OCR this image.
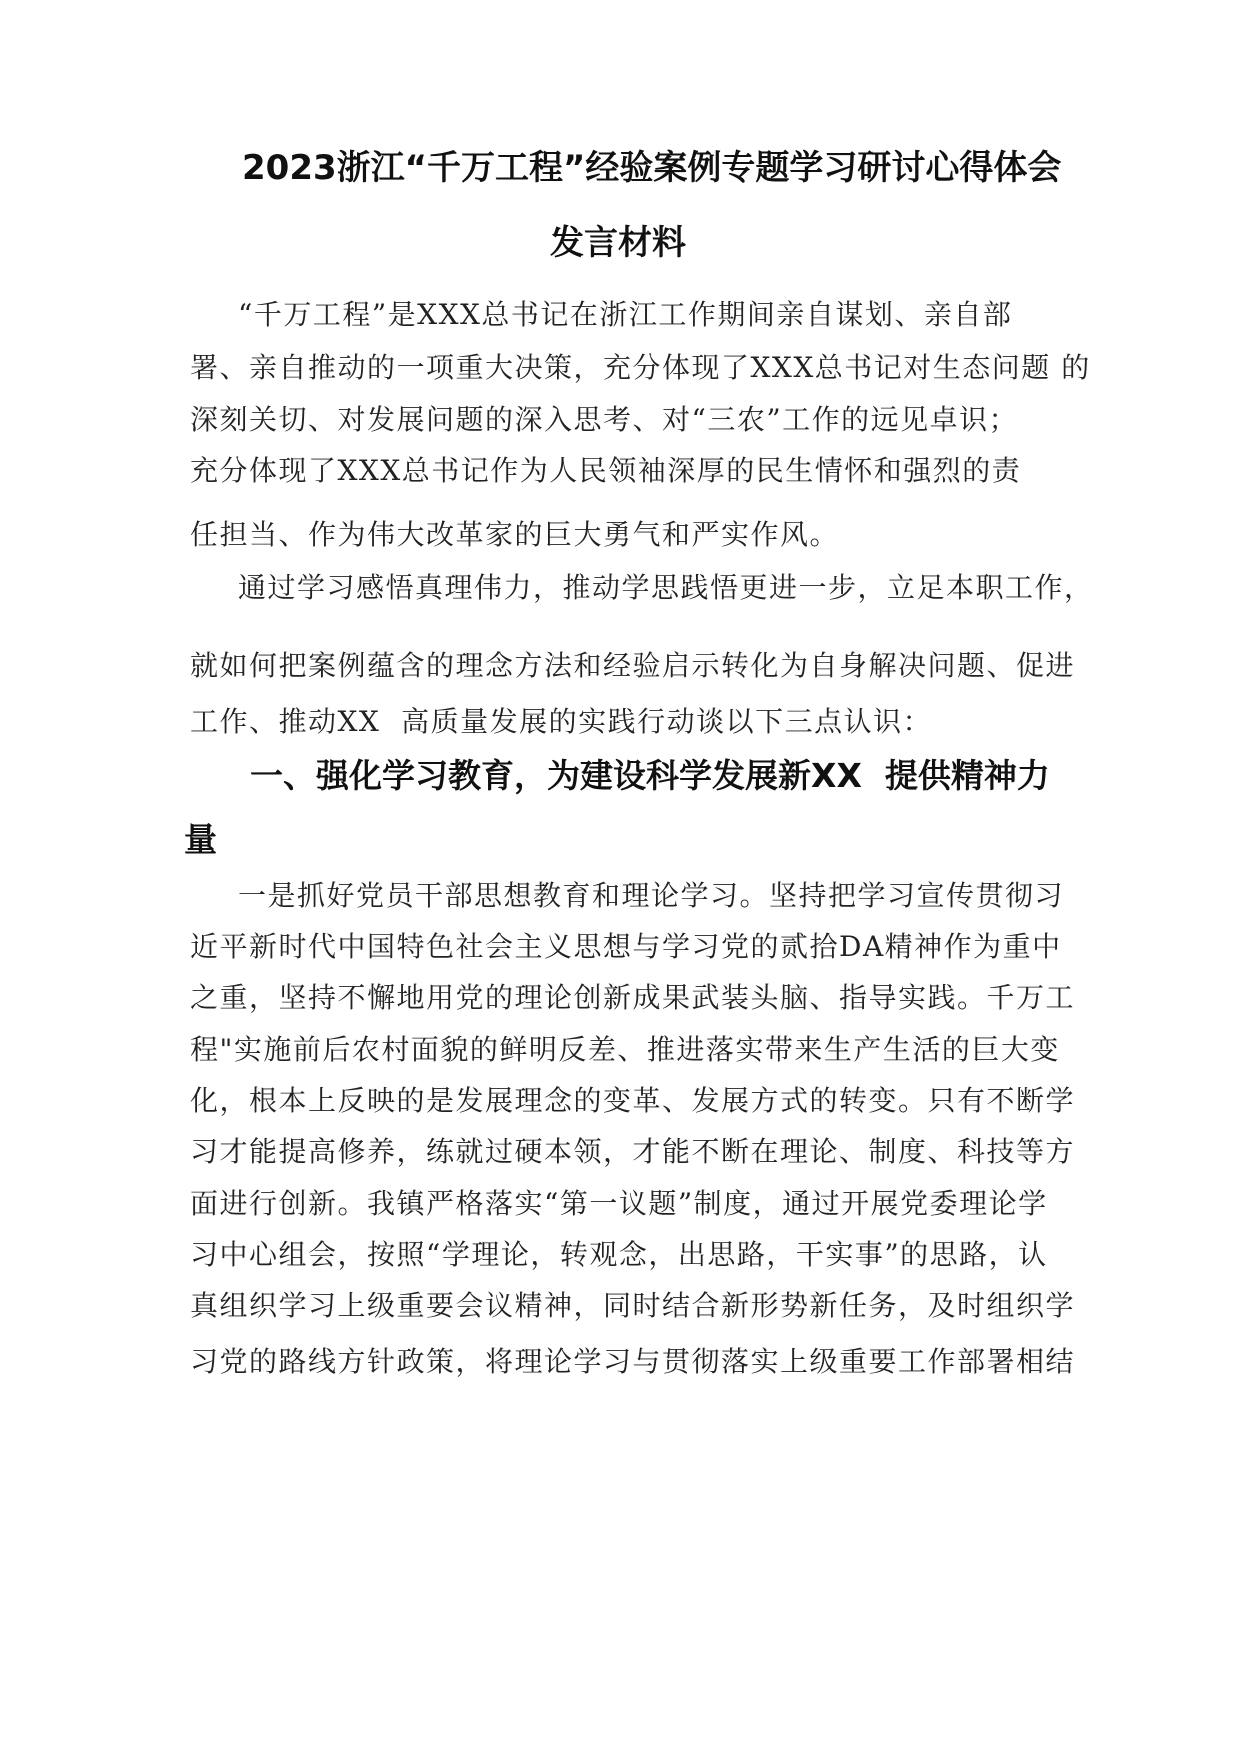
2023浙江“千万工程”经验案例专题学习研讨心得体会
发言材料
“千万工程”是XXX总书记在浙江工作期间亲自谋划、亲自部
署、亲自推动的一项重大决策，充分体现了XXX总书记对生态问题 的
深刻关切、对发展问题的深入思考、对“三农”工作的远见卓识；
充分体现了XXX总书记作为人民领袖深厚的民生情怀和强烈的责
任担当、作为伟大改革家的巨大勇气和严实作风。
通过学习感悟真理伟力，推动学思践悟更进一步，立足本职工作，
就如何把案例蕴含的理念方法和经验启示转化为自身解决问题、促进
工作、推动XX  高质量发展的实践行动谈以下三点认识：
一、强化学习教育，为建设科学发展新XX  提供精神力
量
一是抓好党员干部思想教育和理论学习。坚持把学习宣传贯彻习
近平新时代中国特色社会主义思想与学习党的贰拾DA精神作为重中
之重，坚持不懈地用党的理论创新成果武装头脑、指导实践。千万工
程"实施前后农村面貌的鲜明反差、推进落实带来生产生活的巨大变
化，根本上反映的是发展理念的变革、发展方式的转变。只有不断学
习才能提高修养，练就过硬本领，才能不断在理论、制度、科技等方
面进行创新。我镇严格落实“第一议题”制度，通过开展党委理论学
习中心组会，按照“学理论，转观念，出思路，干实事”的思路，认
真组织学习上级重要会议精神，同时结合新形势新任务，及时组织学
习党的路线方针政策，将理论学习与贯彻落实上级重要工作部署相结
